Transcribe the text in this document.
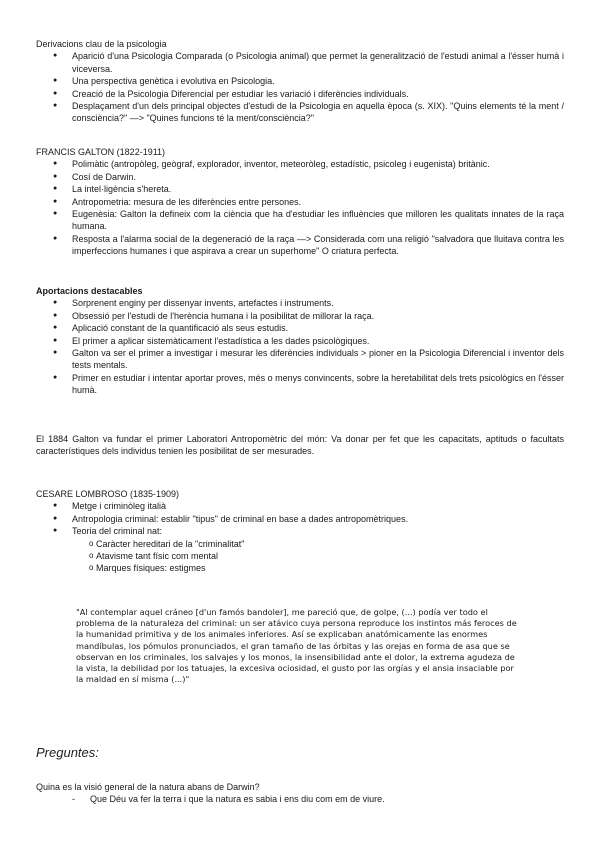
Derivacions clau de la psicologia

● Aparició d'una Psicologia Comparada (o Psicologia animal) que permet la generalització de l'estudi animal a l'ésser humà i viceversa.
● Una perspectiva genètica i evolutiva en Psicologia.
● Creació de la Psicologia Diferencial per estudiar les variació i diferències individuals.
● Desplaçament d'un dels principal objectes d'estudi de la Psicologia en aquella època (s. XIX). "Quins elements té la ment / consciència?" —> "Quines funcions té la ment/consciència?"

FRANCIS GALTON (1822-1911)

● Polimàtic (antropòleg, geògraf, explorador, inventor, meteoròleg, estadístic, psicoleg i eugenista) britànic.
● Cosí de Darwin.
● La intel·ligència s'hereta.
● Antropometria: mesura de les diferències entre persones.
● Eugenèsia: Galton la defineix com la ciència que ha d'estudiar les influències que milloren les qualitats innates de la raça humana.
● Resposta a l'alarma social de la degeneració de la raça —> Considerada com una religió "salvadora que lluitava contra les imperfeccions humanes i que aspirava a crear un superhome" O criatura perfecta.

Aportacions destacables

● Sorprenent enginy per dissenyar invents, artefactes i instruments.
● Obsessió per l'estudi de l'herència humana i la posibilitat de millorar la raça.
● Aplicació constant de la quantificació als seus estudis.
● El primer a aplicar sistemàticament l'estadística a les dades psicològiques.
● Galton va ser el primer a investigar i mesurar les diferències individuals > pioner en la Psicologia Diferencial i inventor dels tests mentals.
● Primer en estudiar i intentar aportar proves, més o menys convincents, sobre la heretabilitat dels trets psicològics en l'ésser humà.

El 1884 Galton va fundar el primer Laboratori Antropomètric del món: Va donar per fet que les capacitats, aptituds o facultats característiques dels individus tenien les posibilitat de ser mesurades.

CESARE LOMBROSO (1835-1909)

● Metge i criminòleg italià
● Antropologia criminal: establir "tipus" de criminal en base a dades antropomètriques.
● Teoria del criminal nat:
o Caràcter hereditari de la "criminalitat"
o Atavisme tant físic com mental
o Marques físiques: estigmes

"Al contemplar aquel cráneo [d'un famós bandoler], me pareció que, de golpe, (...) podía ver todo el problema de la naturaleza del criminal: un ser atávico cuya persona reproduce los instintos más feroces de la humanidad primitiva y de los animales inferiores. Así se explicaban anatómicamente las enormes mandíbulas, los pómulos pronunciados, el gran tamaño de las órbitas y las orejas en forma de asa que se observan en los criminales, los salvajes y los monos, la insensibilidad ante el dolor, la extrema agudeza de la vista, la debilidad por los tatuajes, la excesiva ociosidad, el gusto por las orgías y el ansia insaciable por la maldad en sí misma (...)"

Preguntes:

Quina es la visió general de la natura abans de Darwin?

- Que Déu va fer la terra i que la natura es sabia i ens diu com em de viure.
